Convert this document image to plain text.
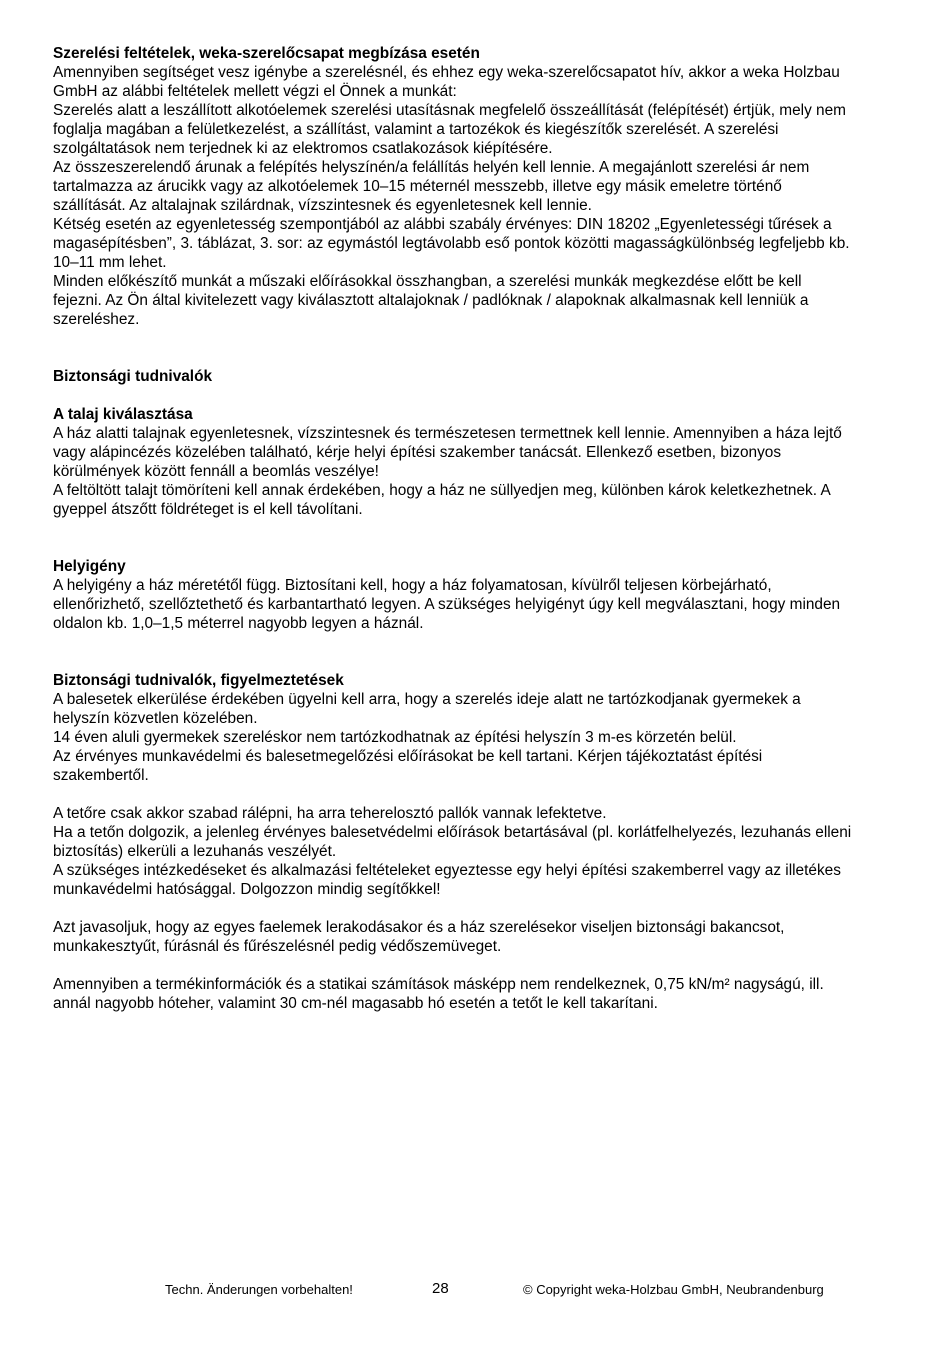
Szerelési feltételek, weka-szerelőcsapat megbízása esetén
Amennyiben segítséget vesz igénybe a szerelésnél, és ehhez egy weka-szerelőcsapatot hív, akkor a weka Holzbau GmbH az alábbi feltételek mellett végzi el Önnek a munkát:
Szerelés alatt a leszállított alkotóelemek szerelési utasításnak megfelelő összeállítását (felépítését) értjük, mely nem foglalja magában a felületkezelést, a szállítást, valamint a tartozékok és kiegészítők szerelését. A szerelési szolgáltatások nem terjednek ki az elektromos csatlakozások kiépítésére.
Az összeszerelendő árunak a felépítés helyszínén/a felállítás helyén kell lennie. A megajánlott szerelési ár nem tartalmazza az árucikk vagy az alkotóelemek 10–15 méternél messzebb, illetve egy másik emeletre történő szállítását. Az altalajnak szilárdnak, vízszintesnek és egyenletesnek kell lennie.
Kétség esetén az egyenletesség szempontjából az alábbi szabály érvényes: DIN 18202 „Egyenletességi tűrések a magasépítésben”, 3. táblázat, 3. sor: az egymástól legtávolabb eső pontok közötti magasságkülönbség legfeljebb kb. 10–11 mm lehet.
Minden előkészítő munkát a műszaki előírásokkal összhangban, a szerelési munkák megkezdése előtt be kell fejezni. Az Ön által kivitelezett vagy kiválasztott altalajoknak / padlóknak / alapoknak alkalmasnak kell lenniük a szereléshez.
Biztonsági tudnivalók
A talaj kiválasztása
A ház alatti talajnak egyenletesnek, vízszintesnek és természetesen termettnek kell lennie. Amennyiben a háza lejtő vagy alápincézés közelében található, kérje helyi építési szakember tanácsát. Ellenkező esetben, bizonyos körülmények között fennáll a beomlás veszélye!
A feltöltött talajt tömöríteni kell annak érdekében, hogy a ház ne süllyedjen meg, különben károk keletkezhetnek. A gyeppel átszőtt földréteget is el kell távolítani.
Helyigény
A helyigény a ház méretétől függ. Biztosítani kell, hogy a ház folyamatosan, kívülről teljesen körbejárható, ellenőrizhető, szellőztethető és karbantartható legyen. A szükséges helyigényt úgy kell megválasztani, hogy minden oldalon kb. 1,0–1,5 méterrel nagyobb legyen a háznál.
Biztonsági tudnivalók, figyelmeztetések
A balesetek elkerülése érdekében ügyelni kell arra, hogy a szerelés ideje alatt ne tartózkodjanak gyermekek a helyszín közvetlen közelében.
14 éven aluli gyermekek szereléskor nem tartózkodhatnak az építési helyszín 3 m-es körzetén belül.
Az érvényes munkavédelmi és balesetmegelőzési előírásokat be kell tartani. Kérjen tájékoztatást építési szakembertől.
A tetőre csak akkor szabad rálépni, ha arra teherelosztó pallók vannak lefektetve.
Ha a tetőn dolgozik, a jelenleg érvényes balesetvédelmi előírások betartásával (pl. korlátfelhelyezés, lezuhanás elleni biztosítás) elkerüli a lezuhanás veszélyét.
A szükséges intézkedéseket és alkalmazási feltételeket egyeztesse egy helyi építési szakemberrel vagy az illetékes munkavédelmi hatósággal. Dolgozzon mindig segítőkkel!
Azt javasoljuk, hogy az egyes faelemek lerakodásakor és a ház szerelésekor viseljen biztonsági bakancsot, munkakesztyűt, fúrásnál és fűrészelésnél pedig védőszemüveget.
Amennyiben a termékinformációk és a statikai számítások másképp nem rendelkeznek, 0,75 kN/m² nagyságú, ill. annál nagyobb hóteher, valamint 30 cm-nél magasabb hó esetén a tetőt le kell takarítani.
Techn. Änderungen vorbehalten!	28	© Copyright weka-Holzbau GmbH, Neubrandenburg
